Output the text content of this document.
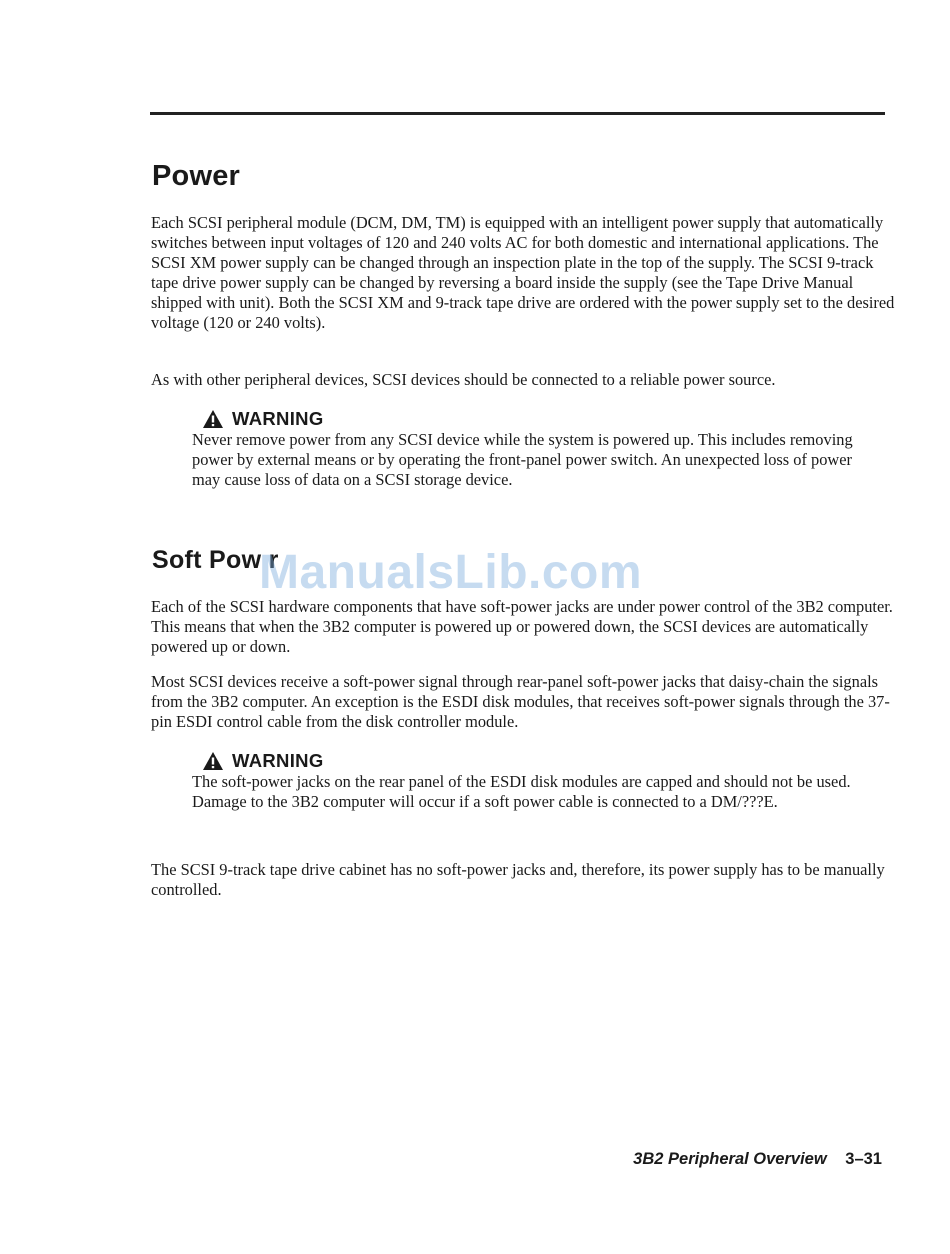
Power

Each SCSI peripheral module (DCM, DM, TM) is equipped with an intelligent power supply that automatically switches between input voltages of 120 and 240 volts AC for both domestic and international applications. The SCSI XM power supply can be changed through an inspection plate in the top of the supply. The SCSI 9-track tape drive power supply can be changed by reversing a board inside the supply (see the Tape Drive Manual shipped with unit). Both the SCSI XM and 9-track tape drive are ordered with the power supply set to the desired voltage (120 or 240 volts).

As with other peripheral devices, SCSI devices should be connected to a reliable power source.

WARNING

Never remove power from any SCSI device while the system is powered up. This includes removing power by external means or by operating the front-panel power switch. An unexpected loss of power may cause loss of data on a SCSI storage device.

Soft Pow r
ManualsLib.com

Each of the SCSI hardware components that have soft-power jacks are under power control of the 3B2 computer. This means that when the 3B2 computer is powered up or powered down, the SCSI devices are automatically powered up or down.

Most SCSI devices receive a soft-power signal through rear-panel soft-power jacks that daisy-chain the signals from the 3B2 computer. An exception is the ESDI disk modules, that receives soft-power signals through the 37-pin ESDI control cable from the disk controller module.

WARNING

The soft-power jacks on the rear panel of the ESDI disk modules are capped and should not be used. Damage to the 3B2 computer will occur if a soft power cable is connected to a DM/???E.

The SCSI 9-track tape drive cabinet has no soft-power jacks and, therefore, its power supply has to be manually controlled.

3B2 Peripheral Overview 3–31
